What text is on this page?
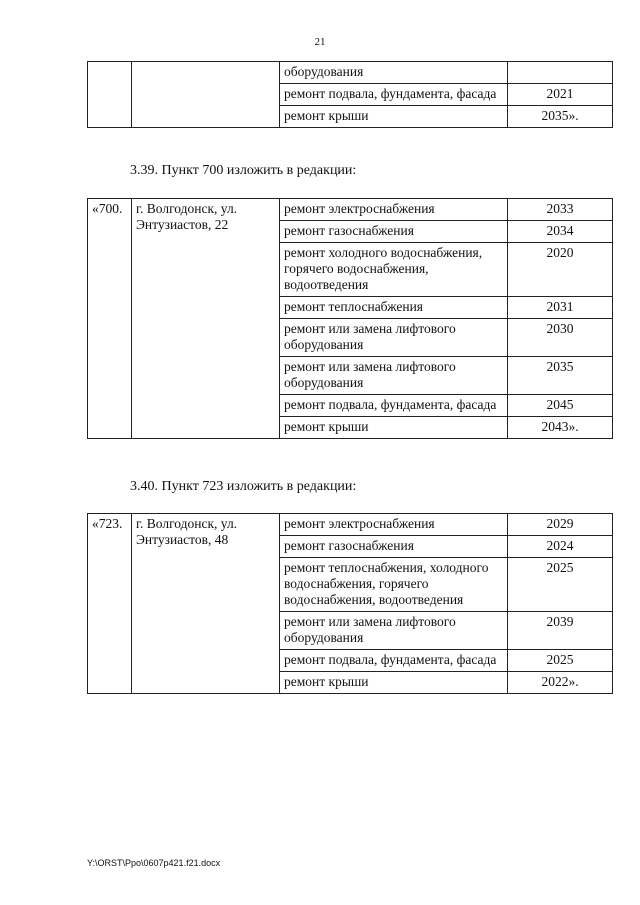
21
		оборудования	
		ремонт подвала, фундамента, фасада	2021
		ремонт крыши	2035».
3.39. Пункт 700 изложить в редакции:
«700.	г. Волгодонск, ул. Энтузиастов, 22	ремонт электроснабжения	2033
		ремонт газоснабжения	2034
		ремонт холодного водоснабжения, горячего водоснабжения, водоотведения	2020
		ремонт теплоснабжения	2031
		ремонт или замена лифтового оборудования	2030
		ремонт или замена лифтового оборудования	2035
		ремонт подвала, фундамента, фасада	2045
		ремонт крыши	2043».
3.40. Пункт 723 изложить в редакции:
«723.	г. Волгодонск, ул. Энтузиастов, 48	ремонт электроснабжения	2029
		ремонт газоснабжения	2024
		ремонт теплоснабжения, холодного водоснабжения, горячего водоснабжения, водоотведения	2025
		ремонт или замена лифтового оборудования	2039
		ремонт подвала, фундамента, фасада	2025
		ремонт крыши	2022».
Y:\ORST\Ppo\0607p421.f21.docx
